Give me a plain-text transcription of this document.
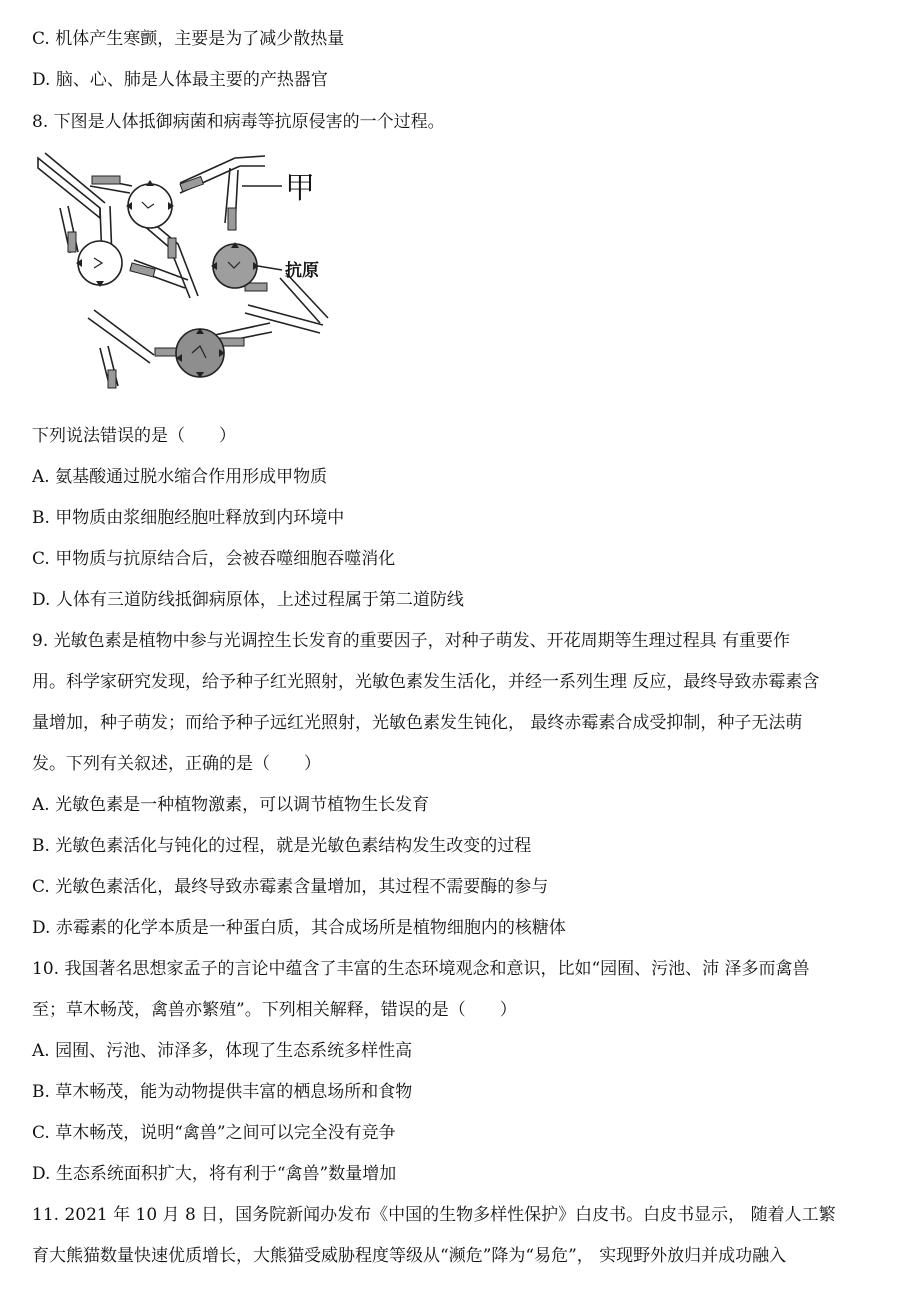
C. 机体产生寒颤，主要是为了减少散热量
D. 脑、心、肺是人体最主要的产热器官
8. 下图是人体抵御病菌和病毒等抗原侵害的一个过程。
甲
抗原
下列说法错误的是（　　）
A. 氨基酸通过脱水缩合作用形成甲物质
B. 甲物质由浆细胞经胞吐释放到内环境中
C. 甲物质与抗原结合后，会被吞噬细胞吞噬消化
D. 人体有三道防线抵御病原体，上述过程属于第二道防线
9. 光敏色素是植物中参与光调控生长发育的重要因子，对种子萌发、开花周期等生理过程具 有重要作
用。科学家研究发现，给予种子红光照射，光敏色素发生活化，并经一系列生理 反应，最终导致赤霉素含
量增加，种子萌发；而给予种子远红光照射，光敏色素发生钝化， 最终赤霉素合成受抑制，种子无法萌
发。下列有关叙述，正确的是（　　）
A. 光敏色素是一种植物激素，可以调节植物生长发育
B. 光敏色素活化与钝化的过程，就是光敏色素结构发生改变的过程
C. 光敏色素活化，最终导致赤霉素含量增加，其过程不需要酶的参与
D. 赤霉素的化学本质是一种蛋白质，其合成场所是植物细胞内的核糖体
10. 我国著名思想家孟子的言论中蕴含了丰富的生态环境观念和意识，比如“园囿、污池、沛 泽多而禽兽
至；草木畅茂，禽兽亦繁殖”。下列相关解释，错误的是（　　）
A. 园囿、污池、沛泽多，体现了生态系统多样性高
B. 草木畅茂，能为动物提供丰富的栖息场所和食物
C. 草木畅茂，说明“禽兽”之间可以完全没有竞争
D. 生态系统面积扩大，将有利于“禽兽”数量增加
11. 2021 年 10 月 8 日，国务院新闻办发布《中国的生物多样性保护》白皮书。白皮书显示， 随着人工繁
育大熊猫数量快速优质增长，大熊猫受威胁程度等级从“濒危”降为“易危”， 实现野外放归并成功融入
